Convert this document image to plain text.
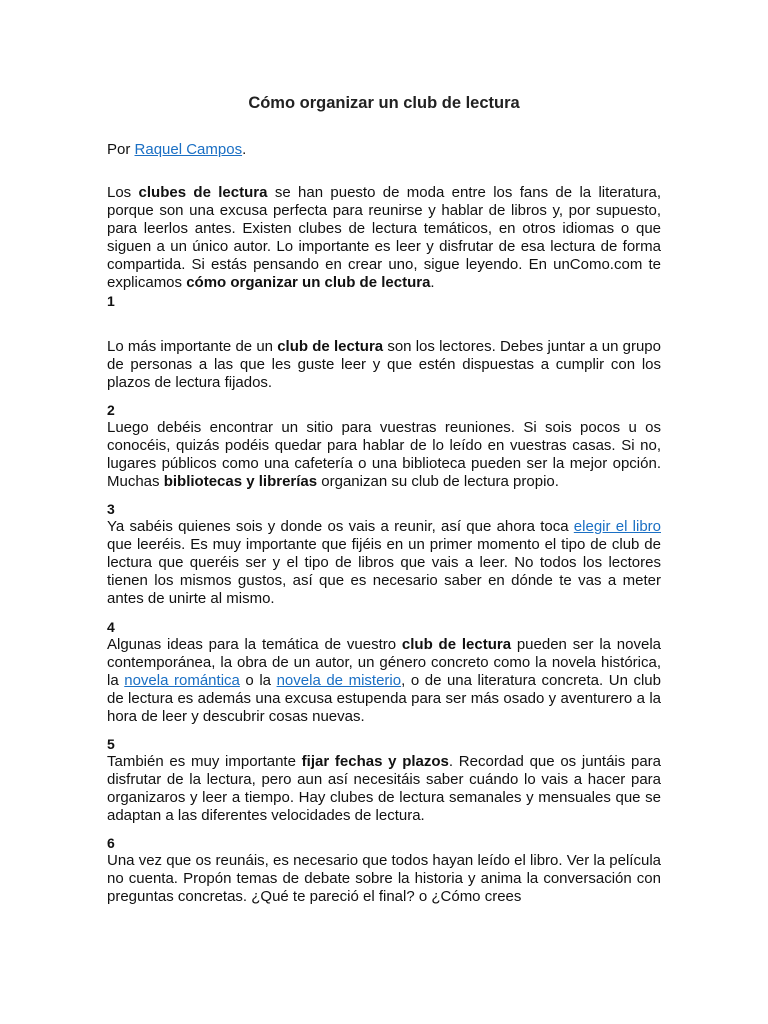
Cómo organizar un club de lectura

Por Raquel Campos.

Los clubes de lectura se han puesto de moda entre los fans de la literatura, porque son una excusa perfecta para reunirse y hablar de libros y, por supuesto, para leerlos antes. Existen clubes de lectura temáticos, en otros idiomas o que siguen a un único autor. Lo importante es leer y disfrutar de esa lectura de forma compartida. Si estás pensando en crear uno, sigue leyendo. En unComo.com te explicamos cómo organizar un club de lectura.

1

Lo más importante de un club de lectura son los lectores. Debes juntar a un grupo de personas a las que les guste leer y que estén dispuestas a cumplir con los plazos de lectura fijados.

2

Luego debéis encontrar un sitio para vuestras reuniones. Si sois pocos u os conocéis, quizás podéis quedar para hablar de lo leído en vuestras casas. Si no, lugares públicos como una cafetería o una biblioteca pueden ser la mejor opción. Muchas bibliotecas y librerías organizan su club de lectura propio.

3

Ya sabéis quienes sois y donde os vais a reunir, así que ahora toca elegir el libro que leeréis. Es muy importante que fijéis en un primer momento el tipo de club de lectura que queréis ser y el tipo de libros que vais a leer. No todos los lectores tienen los mismos gustos, así que es necesario saber en dónde te vas a meter antes de unirte al mismo.

4

Algunas ideas para la temática de vuestro club de lectura pueden ser la novela contemporánea, la obra de un autor, un género concreto como la novela histórica, la novela romántica o la novela de misterio, o de una literatura concreta. Un club de lectura es además una excusa estupenda para ser más osado y aventurero a la hora de leer y descubrir cosas nuevas.

5

También es muy importante fijar fechas y plazos. Recordad que os juntáis para disfrutar de la lectura, pero aun así necesitáis saber cuándo lo vais a hacer para organizaros y leer a tiempo. Hay clubes de lectura semanales y mensuales que se adaptan a las diferentes velocidades de lectura.

6

Una vez que os reunáis, es necesario que todos hayan leído el libro. Ver la película no cuenta. Propón temas de debate sobre la historia y anima la conversación con preguntas concretas. ¿Qué te pareció el final? o ¿Cómo crees
